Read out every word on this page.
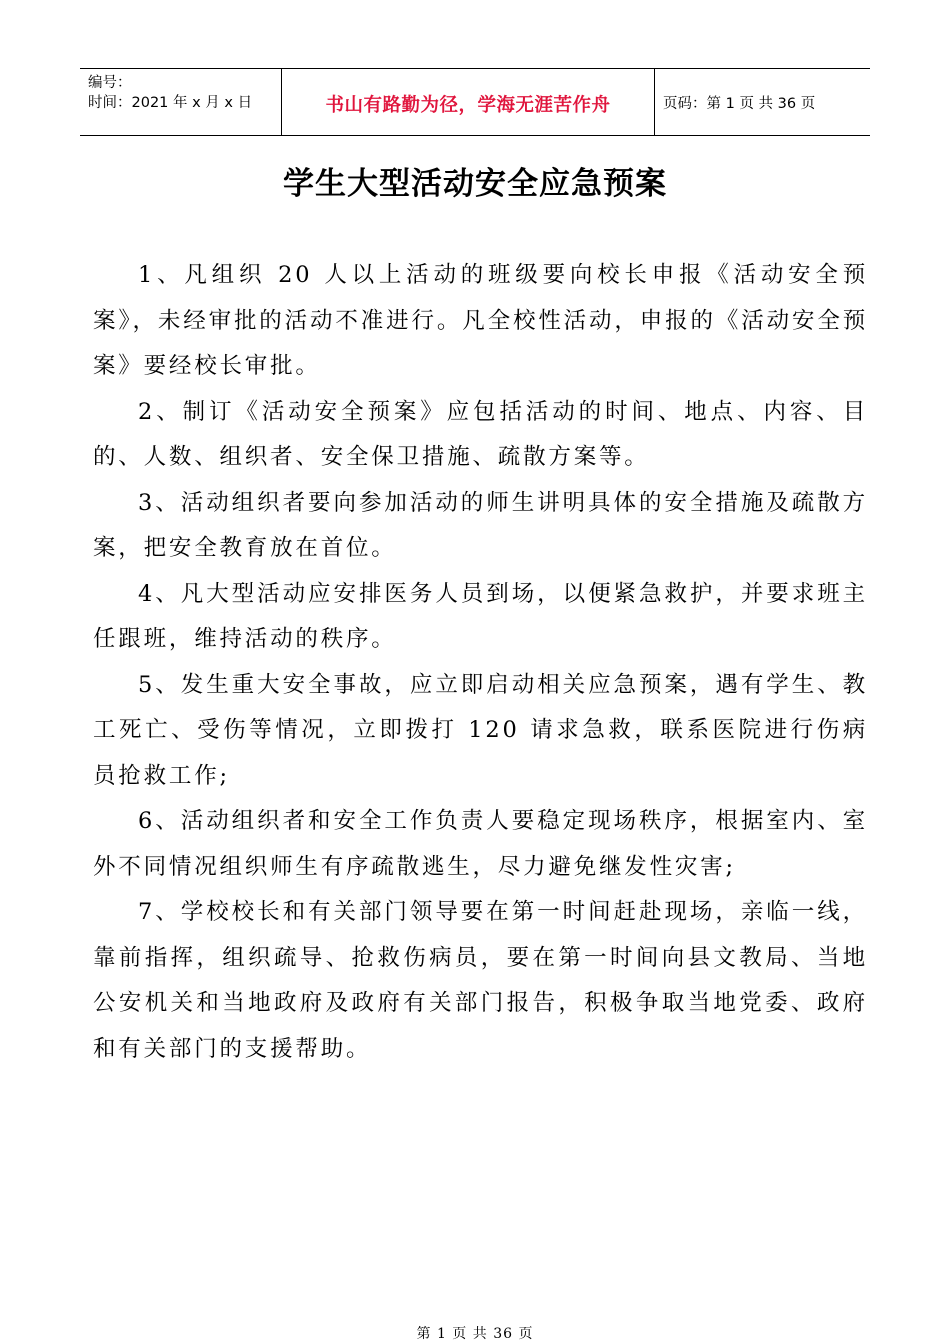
编号：
时间：2021 年 x 月 x 日	书山有路勤为径，学海无涯苦作舟	页码：第 1 页 共 36 页
学生大型活动安全应急预案

1、凡组织 20 人以上活动的班级要向校长申报《活动安全预案》，未经审批的活动不准进行。凡全校性活动，申报的《活动安全预案》要经校长审批。

2、制订《活动安全预案》应包括活动的时间、地点、内容、目的、人数、组织者、安全保卫措施、疏散方案等。

3、活动组织者要向参加活动的师生讲明具体的安全措施及疏散方案，把安全教育放在首位。

4、凡大型活动应安排医务人员到场，以便紧急救护，并要求班主任跟班，维持活动的秩序。

5、发生重大安全事故，应立即启动相关应急预案，遇有学生、教工死亡、受伤等情况，立即拨打 120 请求急救，联系医院进行伤病员抢救工作;

6、活动组织者和安全工作负责人要稳定现场秩序，根据室内、室外不同情况组织师生有序疏散逃生，尽力避免继发性灾害;

7、学校校长和有关部门领导要在第一时间赶赴现场，亲临一线，靠前指挥，组织疏导、抢救伤病员，要在第一时间向县文教局、当地公安机关和当地政府及政府有关部门报告，积极争取当地党委、政府和有关部门的支援帮助。

第 1 页 共 36 页
